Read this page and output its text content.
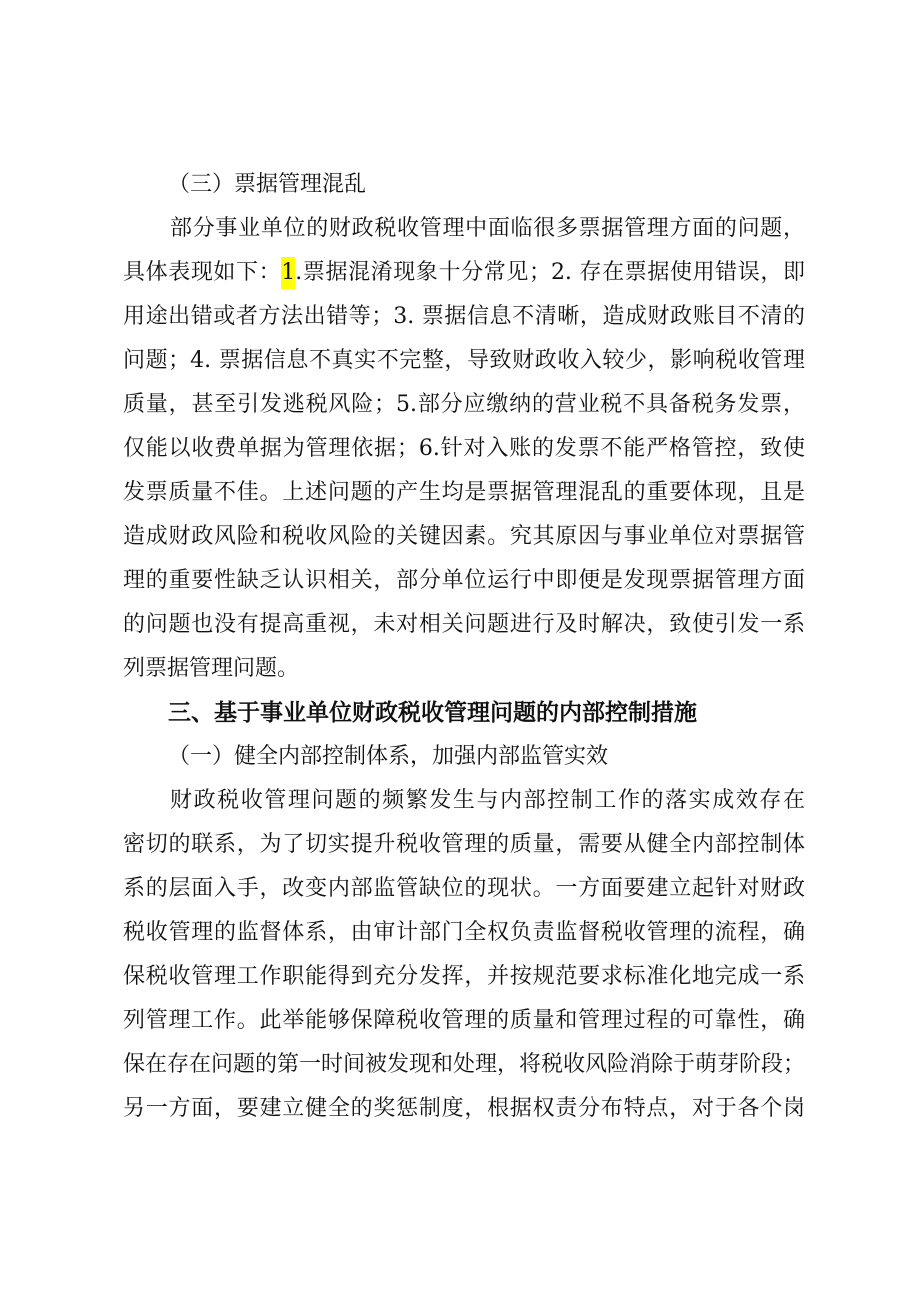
（三）票据管理混乱
部分事业单位的财政税收管理中面临很多票据管理方面的问题，
具体表现如下：1.票据混淆现象十分常见；2. 存在票据使用错误，即
用途出错或者方法出错等；3. 票据信息不清晰，造成财政账目不清的
问题；4. 票据信息不真实不完整，导致财政收入较少，影响税收管理
质量，甚至引发逃税风险；5.部分应缴纳的营业税不具备税务发票，
仅能以收费单据为管理依据；6.针对入账的发票不能严格管控，致使
发票质量不佳。上述问题的产生均是票据管理混乱的重要体现，且是
造成财政风险和税收风险的关键因素。究其原因与事业单位对票据管
理的重要性缺乏认识相关，部分单位运行中即便是发现票据管理方面
的问题也没有提高重视，未对相关问题进行及时解决，致使引发一系
列票据管理问题。
三、基于事业单位财政税收管理问题的内部控制措施
（一）健全内部控制体系，加强内部监管实效
财政税收管理问题的频繁发生与内部控制工作的落实成效存在
密切的联系，为了切实提升税收管理的质量，需要从健全内部控制体
系的层面入手，改变内部监管缺位的现状。一方面要建立起针对财政
税收管理的监督体系，由审计部门全权负责监督税收管理的流程，确
保税收管理工作职能得到充分发挥，并按规范要求标准化地完成一系
列管理工作。此举能够保障税收管理的质量和管理过程的可靠性，确
保在存在问题的第一时间被发现和处理，将税收风险消除于萌芽阶段；
另一方面，要建立健全的奖惩制度，根据权责分布特点，对于各个岗
